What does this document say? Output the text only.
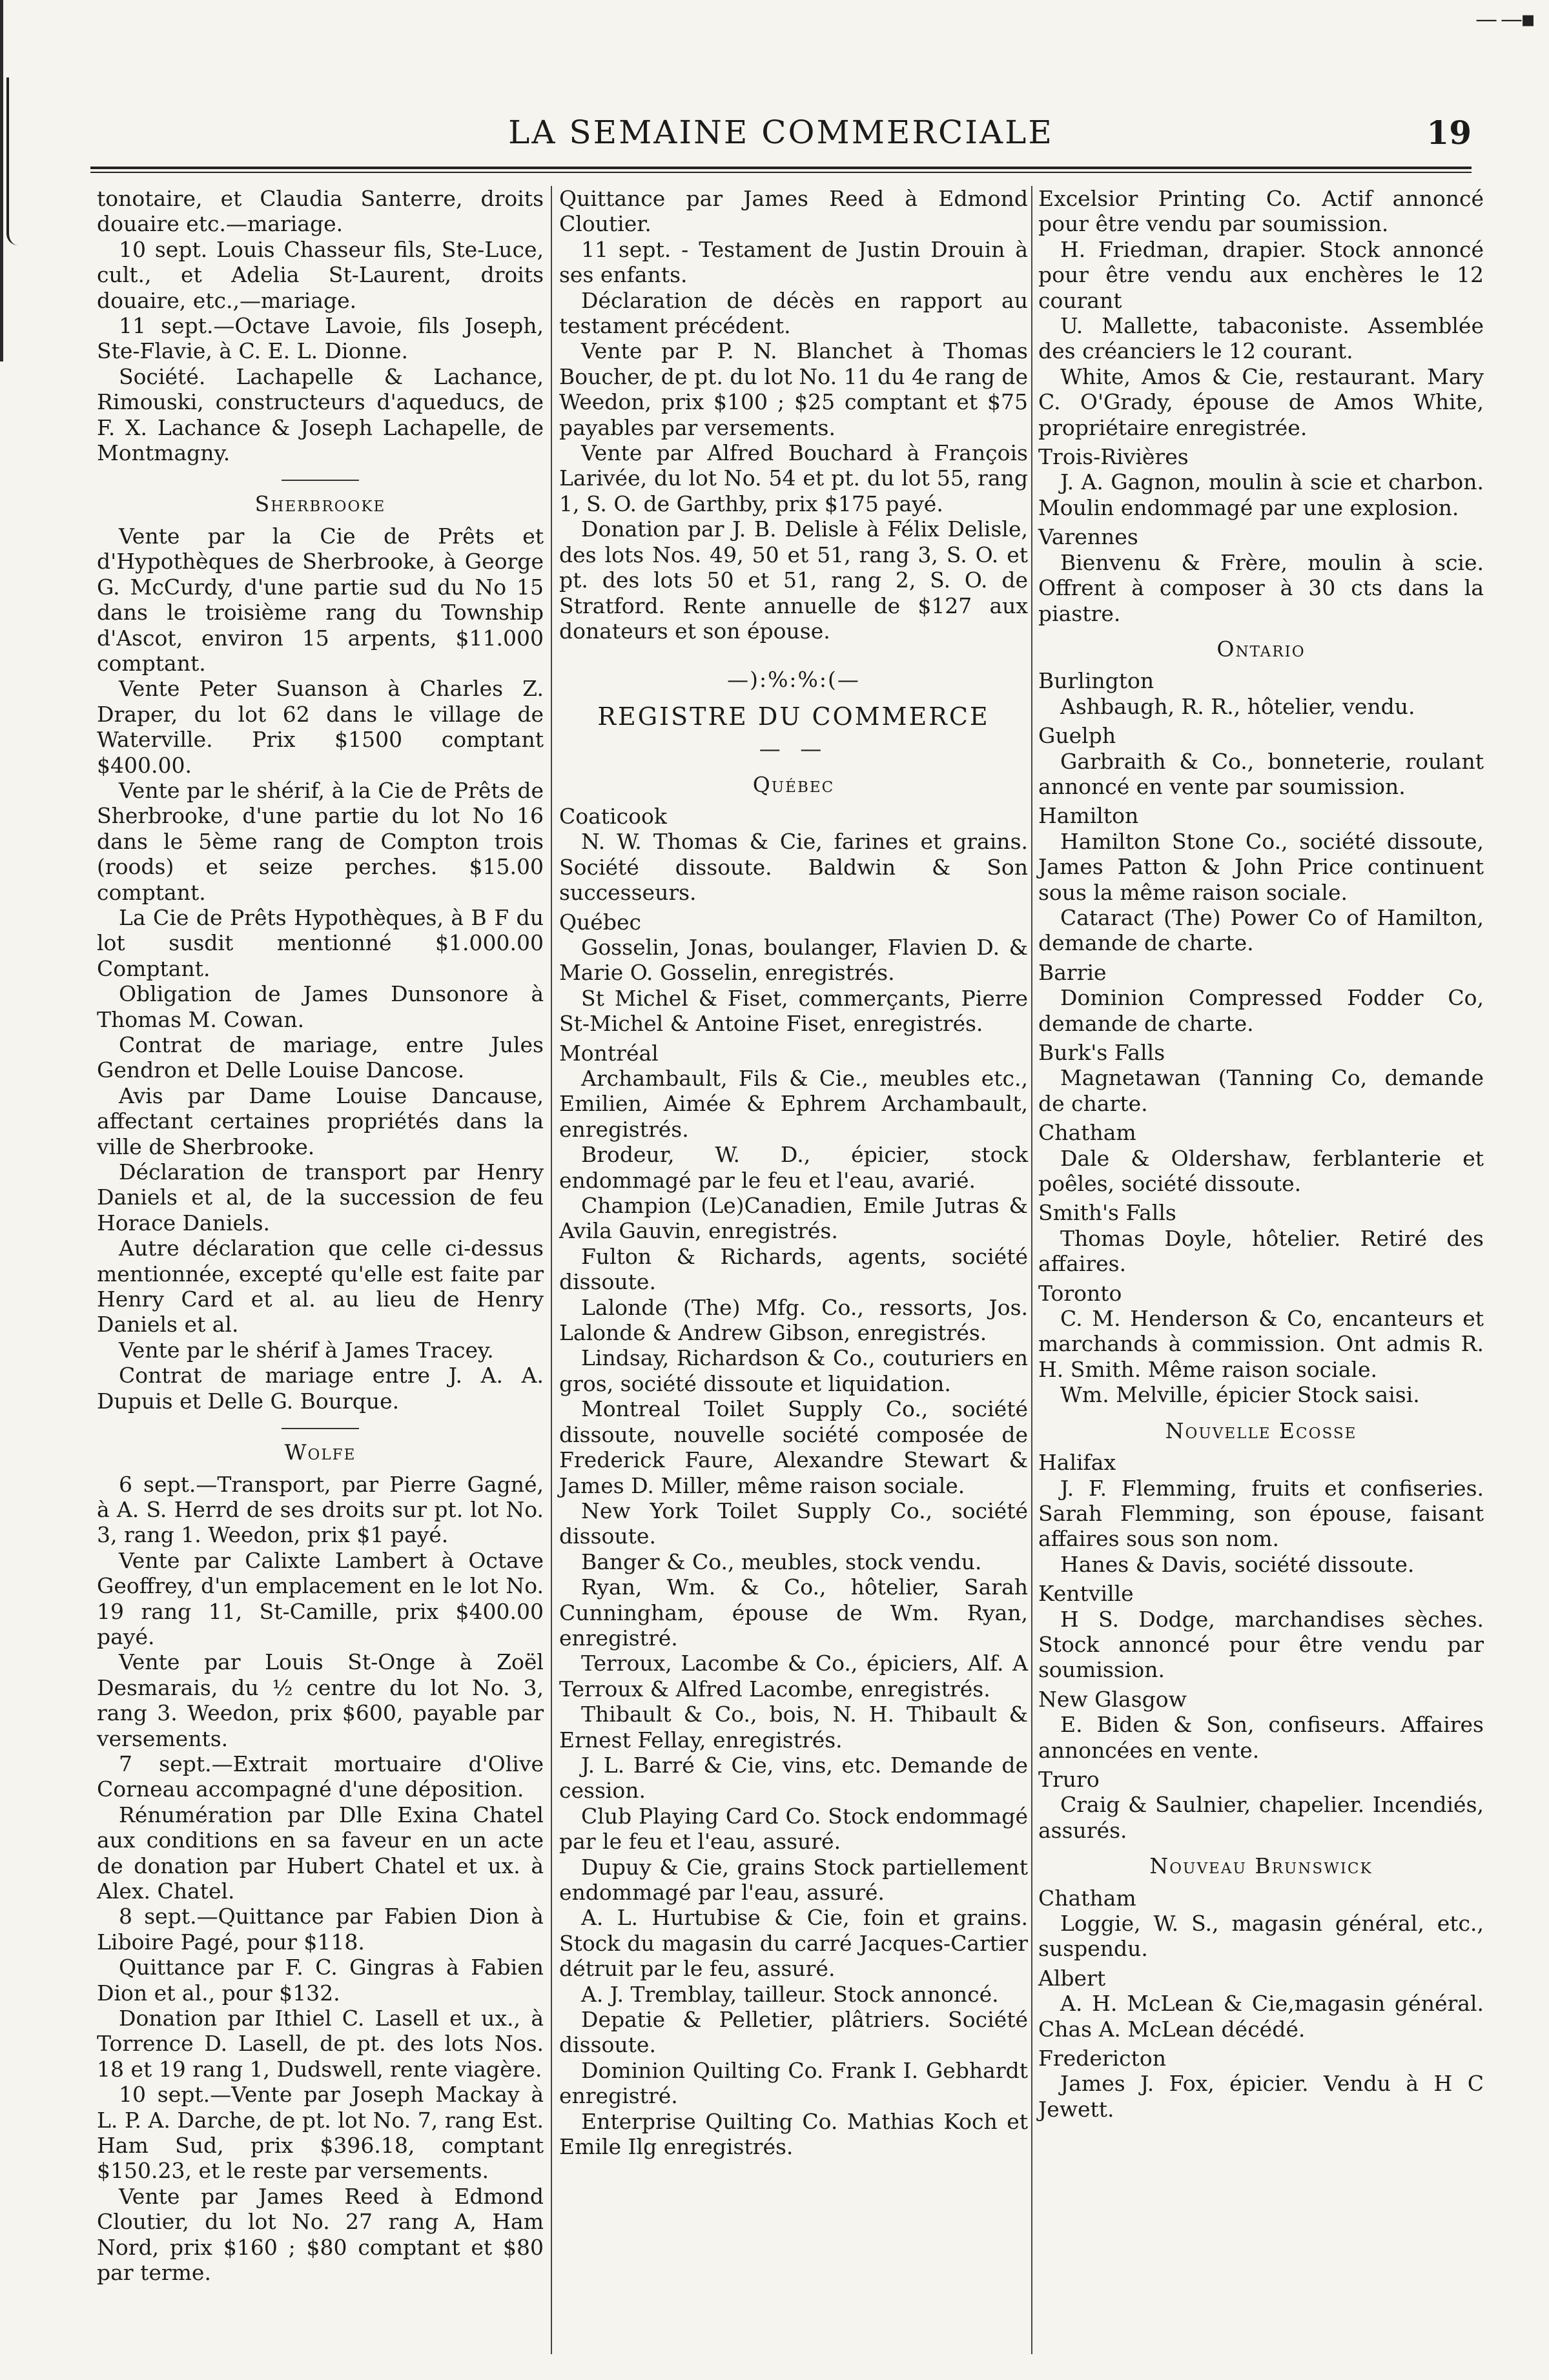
— —▪
LA SEMAINE COMMERCIALE	19

tonotaire, et Claudia Santerre, droits douaire etc.—mariage.

10 sept. Louis Chasseur fils, Ste-Luce, cult., et Adelia St-Laurent, droits douaire, etc.,—mariage.

11 sept.—Octave Lavoie, fils Joseph, Ste-Flavie, à C. E. L. Dionne.

Société. Lachapelle & Lachance, Rimouski, constructeurs d'aqueducs, de F. X. Lachance & Joseph Lachapelle, de Montmagny.

Sherbrooke

Vente par la Cie de Prêts et d'Hypothèques de Sherbrooke, à George G. McCurdy, d'une partie sud du No 15 dans le troisième rang du Township d'Ascot, environ 15 arpents, $11.000 comptant.

Vente Peter Suanson à Charles Z. Draper, du lot 62 dans le village de Waterville. Prix $1500 comptant $400.00.

Vente par le shérif, à la Cie de Prêts de Sherbrooke, d'une partie du lot No 16 dans le 5ème rang de Compton trois (roods) et seize perches. $15.00 comptant.

La Cie de Prêts Hypothèques, à B F du lot susdit mentionné $1.000.00 Comptant.

Obligation de James Dunsonore à Thomas M. Cowan.

Contrat de mariage, entre Jules Gendron et Delle Louise Dancose.

Avis par Dame Louise Dancause, affectant certaines propriétés dans la ville de Sherbrooke.

Déclaration de transport par Henry Daniels et al, de la succession de feu Horace Daniels.

Autre déclaration que celle ci-dessus mentionnée, excepté qu'elle est faite par Henry Card et al. au lieu de Henry Daniels et al.

Vente par le shérif à James Tracey.

Contrat de mariage entre J. A. A. Dupuis et Delle G. Bourque.

Wolfe

6 sept.—Transport, par Pierre Gagné, à A. S. Herrd de ses droits sur pt. lot No. 3, rang 1. Weedon, prix $1 payé.

Vente par Calixte Lambert à Octave Geoffrey, d'un emplacement en le lot No. 19 rang 11, St-Camille, prix $400.00 payé.

Vente par Louis St-Onge à Zoël Desmarais, du ½ centre du lot No. 3, rang 3. Weedon, prix $600, payable par versements.

7 sept.—Extrait mortuaire d'Olive Corneau accompagné d'une déposition.

Rénumération par Dlle Exina Chatel aux conditions en sa faveur en un acte de donation par Hubert Chatel et ux. à Alex. Chatel.

8 sept.—Quittance par Fabien Dion à Liboire Pagé, pour $118.

Quittance par F. C. Gingras à Fabien Dion et al., pour $132.

Donation par Ithiel C. Lasell et ux., à Torrence D. Lasell, de pt. des lots Nos. 18 et 19 rang 1, Dudswell, rente viagère.

10 sept.—Vente par Joseph Mackay à L. P. A. Darche, de pt. lot No. 7, rang Est. Ham Sud, prix $396.18, comptant $150.23, et le reste par versements.

Vente par James Reed à Edmond Cloutier, du lot No. 27 rang A, Ham Nord, prix $160 ; $80 comptant et $80 par terme.

Quittance par James Reed à Edmond Cloutier.

11 sept. - Testament de Justin Drouin à ses enfants.

Déclaration de décès en rapport au testament précédent.

Vente par P. N. Blanchet à Thomas Boucher, de pt. du lot No. 11 du 4e rang de Weedon, prix $100 ; $25 comptant et $75 payables par versements.

Vente par Alfred Bouchard à François Larivée, du lot No. 54 et pt. du lot 55, rang 1, S. O. de Garthby, prix $175 payé.

Donation par J. B. Delisle à Félix Delisle, des lots Nos. 49, 50 et 51, rang 3, S. O. et pt. des lots 50 et 51, rang 2, S. O. de Stratford. Rente annuelle de $127 aux donateurs et son épouse.

—):%:%:(—
REGISTRE DU COMMERCE
— —
Québec

Coaticook

N. W. Thomas & Cie, farines et grains. Société dissoute. Baldwin & Son successeurs.

Québec

Gosselin, Jonas, boulanger, Flavien D. & Marie O. Gosselin, enregistrés.

St Michel & Fiset, commerçants, Pierre St-Michel & Antoine Fiset, enregistrés.

Montréal

Archambault, Fils & Cie., meubles etc., Emilien, Aimée & Ephrem Archambault, enregistrés.

Brodeur, W. D., épicier, stock endommagé par le feu et l'eau, avarié.

Champion (Le)Canadien, Emile Jutras & Avila Gauvin, enregistrés.

Fulton & Richards, agents, société dissoute.

Lalonde (The) Mfg. Co., ressorts, Jos. Lalonde & Andrew Gibson, enregistrés.

Lindsay, Richardson & Co., couturiers en gros, société dissoute et liquidation.

Montreal Toilet Supply Co., société dissoute, nouvelle société composée de Frederick Faure, Alexandre Stewart & James D. Miller, même raison sociale.

New York Toilet Supply Co., société dissoute.

Banger & Co., meubles, stock vendu.

Ryan, Wm. & Co., hôtelier, Sarah Cunningham, épouse de Wm. Ryan, enregistré.

Terroux, Lacombe & Co., épiciers, Alf. A Terroux & Alfred Lacombe, enregistrés.

Thibault & Co., bois, N. H. Thibault & Ernest Fellay, enregistrés.

J. L. Barré & Cie, vins, etc. Demande de cession.

Club Playing Card Co. Stock endommagé par le feu et l'eau, assuré.

Dupuy & Cie, grains Stock partiellement endommagé par l'eau, assuré.

A. L. Hurtubise & Cie, foin et grains. Stock du magasin du carré Jacques-Cartier détruit par le feu, assuré.

A. J. Tremblay, tailleur. Stock annoncé.

Depatie & Pelletier, plâtriers. Société dissoute.

Dominion Quilting Co. Frank I. Gebhardt enregistré.

Enterprise Quilting Co. Mathias Koch et Emile Ilg enregistrés.

Excelsior Printing Co. Actif annoncé pour être vendu par soumission.

H. Friedman, drapier. Stock annoncé pour être vendu aux enchères le 12 courant

U. Mallette, tabaconiste. Assemblée des créanciers le 12 courant.

White, Amos & Cie, restaurant. Mary C. O'Grady, épouse de Amos White, propriétaire enregistrée.

Trois-Rivières

J. A. Gagnon, moulin à scie et charbon. Moulin endommagé par une explosion.

Varennes

Bienvenu & Frère, moulin à scie. Offrent à composer à 30 cts dans la piastre.

Ontario

Burlington

Ashbaugh, R. R., hôtelier, vendu.

Guelph

Garbraith & Co., bonneterie, roulant annoncé en vente par soumission.

Hamilton

Hamilton Stone Co., société dissoute, James Patton & John Price continuent sous la même raison sociale.

Cataract (The) Power Co of Hamilton, demande de charte.

Barrie

Dominion Compressed Fodder Co, demande de charte.

Burk's Falls

Magnetawan (Tanning Co, demande de charte.

Chatham

Dale & Oldershaw, ferblanterie et poêles, société dissoute.

Smith's Falls

Thomas Doyle, hôtelier. Retiré des affaires.

Toronto

C. M. Henderson & Co, encanteurs et marchands à commission. Ont admis R. H. Smith. Même raison sociale.

Wm. Melville, épicier Stock saisi.

Nouvelle Ecosse

Halifax

J. F. Flemming, fruits et confiseries. Sarah Flemming, son épouse, faisant affaires sous son nom.

Hanes & Davis, société dissoute.

Kentville

H S. Dodge, marchandises sèches. Stock annoncé pour être vendu par soumission.

New Glasgow

E. Biden & Son, confiseurs. Affaires annoncées en vente.

Truro

Craig & Saulnier, chapelier. Incendiés, assurés.

Nouveau Brunswick

Chatham

Loggie, W. S., magasin général, etc., suspendu.

Albert

A. H. McLean & Cie,magasin général. Chas A. McLean décédé.

Fredericton

James J. Fox, épicier. Vendu à H C Jewett.
